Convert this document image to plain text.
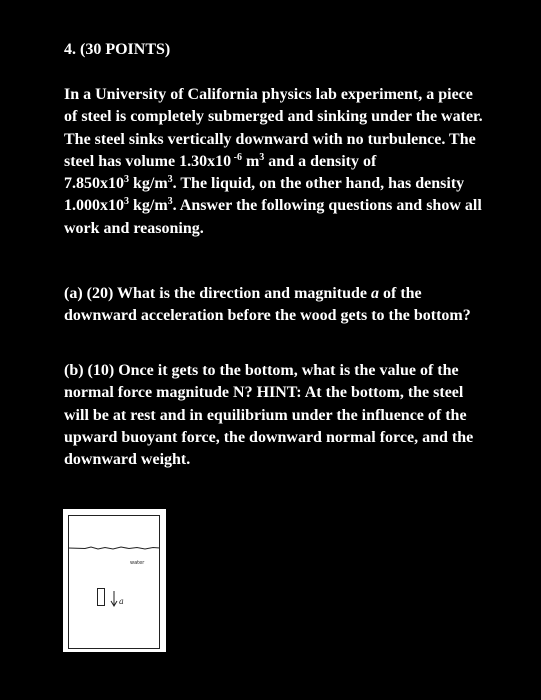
4. (30 POINTS)

In a University of California physics lab experiment, a piece of steel is completely submerged and sinking under the water. The steel sinks vertically downward with no turbulence. The steel has volume 1.30x10 $^{-6}$ $m^3$ and a density of $7.850x10^3$ $kg/m^3$. The liquid, on the other hand, has density $1.000x10^3$ $kg/m^3$. Answer the following questions and show all work and reasoning.

(a) (20) What is the direction and magnitude a of the downward acceleration before the wood gets to the bottom?

(b) (10) Once it gets to the bottom, what is the value of the normal force magnitude N? HINT: At the bottom, the steel will be at rest and in equilibrium under the influence of the upward buoyant force, the downward normal force, and the downward weight.

water
a
